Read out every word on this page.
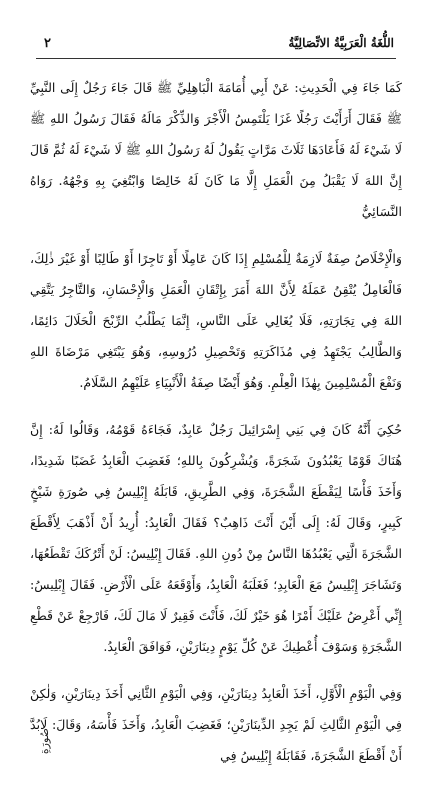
٢	اللُّغَةُ الْعَرَبِيَّةُ الاتِّصَالِيَّةُ

كَمَا جَاءَ فِي الْحَدِيثِ: عَنْ أَبِي أُمَامَةَ الْبَاهِلِيِّ ﷺ قَالَ جَاءَ رَجُلٌ إِلَى النَّبِيِّ ﷺ فَقَالَ أَرَأَيْتَ رَجُلًا غَزَا يَلْتَمِسُ الْأَجْرَ وَالذِّكْرَ مَالَهُ فَقَالَ رَسُولُ اللهِ ﷺ لَا شَيْءَ لَهُ فَأَعَادَهَا ثَلَاثَ مَرَّاتٍ يَقُولُ لَهُ رَسُولُ اللهِ ﷺ لَا شَيْءَ لَهُ ثُمَّ قَالَ إِنَّ اللهَ لَا يَقْبَلُ مِنَ الْعَمَلِ إِلَّا مَا كَانَ لَهُ خَالِصًا وَابْتُغِيَ بِهِ وَجْهُهُ. رَوَاهُ النَّسَائِيُّ

وَالْإِخْلَاصُ صِفَةٌ لَازِمَةٌ لِلْمُسْلِمِ إِذَا كَانَ عَامِلًا أَوْ تَاجِرًا أَوْ طَالِبًا أَوْ غَيْرَ ذٰلِكَ، فَالْعَامِلُ يُتْقِنُ عَمَلَهُ لِأَنَّ اللهَ أَمَرَ بِإِتْقَانِ الْعَمَلِ وَالْإِحْسَانِ، وَالتَّاجِرُ يَتَّقِي اللهَ فِي تِجَارَتِهِ، فَلَا يُغَالِي عَلَى النَّاسِ، إِنَّمَا يَطْلُبُ الرِّبْحَ الْحَلَالَ دَائِمًا، وَالطَّالِبُ يَجْتَهِدُ فِي مُذَاكَرَتِهِ وَتَحْصِيلِ دُرُوسِهِ، وَهُوَ يَبْتَغِي مَرْضَاةَ اللهِ وَنَفْعَ الْمُسْلِمِينَ بِهٰذَا الْعِلْمِ. وَهُوَ أَيْضًا صِفَةُ الْأَنْبِيَاءِ عَلَيْهِمُ السَّلَامُ.

حُكِيَ أَنَّهُ كَانَ فِي بَنِي إِسْرَائِيلَ رَجُلٌ عَابِدٌ، فَجَاءَهُ قَوْمُهُ، وَقَالُوا لَهُ: إِنَّ هُنَاكَ قَوْمًا يَعْبُدُونَ شَجَرَةً، وَيُشْرِكُونَ بِاللهِ؛ فَغَضِبَ الْعَابِدُ غَضَبًا شَدِيدًا، وَأَخَذَ فَأْسًا لِيَقْطَعَ الشَّجَرَةَ، وَفِي الطَّرِيقِ، قَابَلَهُ إِبْلِيسُ فِي صُورَةِ شَيْخٍ كَبِيرٍ، وَقَالَ لَهُ: إِلَى أَيْنَ أَنْتَ ذَاهِبٌ؟ فَقَالَ الْعَابِدُ: أُرِيدُ أَنْ أَذْهَبَ لِأَقْطَعَ الشَّجَرَةَ الَّتِي يَعْبُدُهَا النَّاسُ مِنْ دُونِ اللهِ. فَقَالَ إِبْلِيسُ: لَنْ أَتْرُكَكَ تَقْطَعُهَا، وَتَشَاجَرَ إِبْلِيسُ مَعَ الْعَابِدِ؛ فَغَلَبَهُ الْعَابِدُ، وَأَوْقَعَهُ عَلَى الْأَرْضِ. فَقَالَ إِبْلِيسُ: إِنِّي أَعْرِضُ عَلَيْكَ أَمْرًا هُوَ خَيْرٌ لَكَ، فَأَنْتَ فَقِيرٌ لَا مَالَ لَكَ، فَارْجِعْ عَنْ قَطْعِ الشَّجَرَةِ وَسَوْفَ أُعْطِيكَ عَنْ كُلِّ يَوْمٍ دِينَارَيْنِ، فَوَافَقَ الْعَابِدُ.

وَفِي الْيَوْمِ الْأَوَّلِ، أَخَذَ الْعَابِدُ دِينَارَيْنِ، وَفِي الْيَوْمِ الثَّانِي أَخَذَ دِينَارَيْنِ، وَلٰكِنْ فِي الْيَوْمِ الثَّالِثِ لَمْ يَجِدِ الدِّينَارَيْنِ؛ فَغَضِبَ الْعَابِدُ، وَأَخَذَ فَأْسَهُ، وَقَالَ: لَابُدَّ أَنْ أَقْطَعَ الشَّجَرَةَ، فَقَابَلَهُ إِبْلِيسُ فِي

صُورَةِ
